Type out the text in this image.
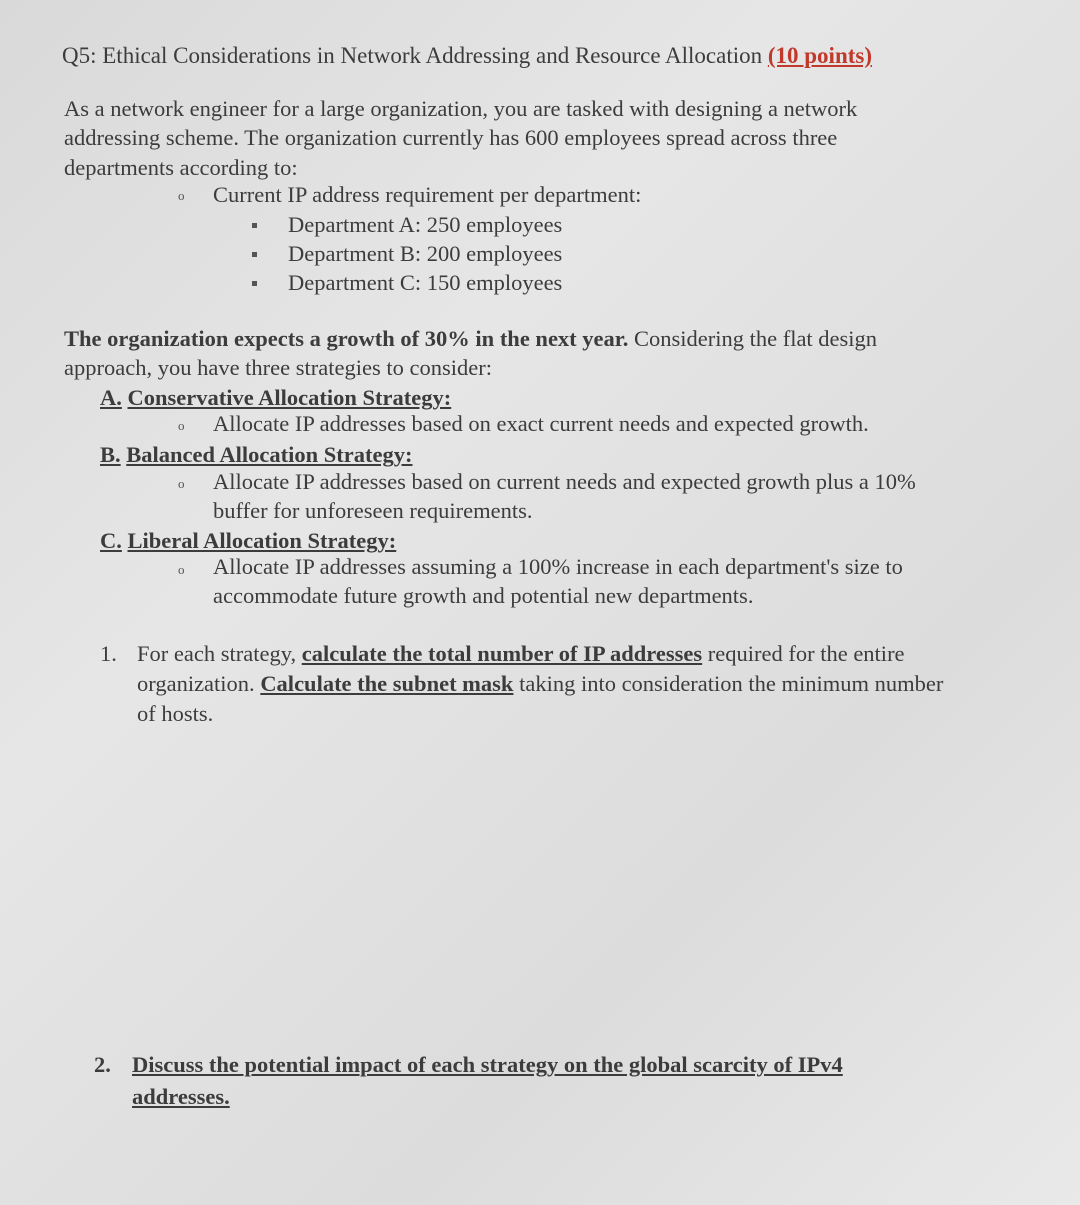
Q5: Ethical Considerations in Network Addressing and Resource Allocation (10 points)
As a network engineer for a large organization, you are tasked with designing a network
addressing scheme. The organization currently has 600 employees spread across three
departments according to:
o Current IP address requirement per department:
Department A: 250 employees
Department B: 200 employees
Department C: 150 employees
The organization expects a growth of 30% in the next year. Considering the flat design
approach, you have three strategies to consider:
A. Conservative Allocation Strategy:
o Allocate IP addresses based on exact current needs and expected growth.
B. Balanced Allocation Strategy:
o Allocate IP addresses based on current needs and expected growth plus a 10%
buffer for unforeseen requirements.
C. Liberal Allocation Strategy:
o Allocate IP addresses assuming a 100% increase in each department's size to
accommodate future growth and potential new departments.
1. For each strategy, calculate the total number of IP addresses required for the entire
organization. Calculate the subnet mask taking into consideration the minimum number
of hosts.
2. Discuss the potential impact of each strategy on the global scarcity of IPv4
addresses.
